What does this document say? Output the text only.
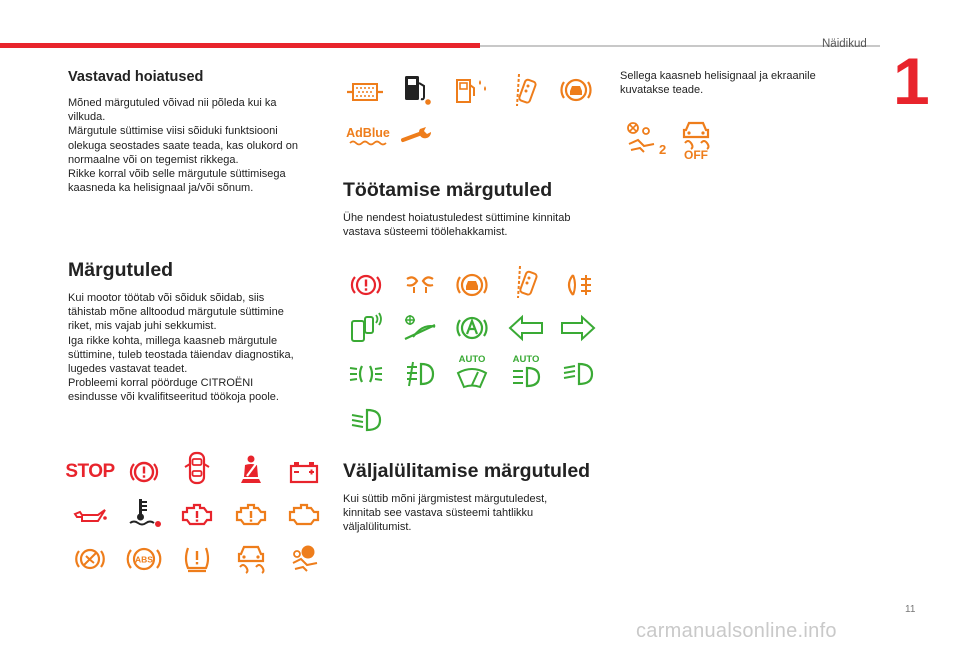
Näidikud 1
Vastavad hoiatused
Mõned märgutuled võivad nii põleda kui ka
vilkuda.
Märgutule süttimise viisi sõiduki funktsiooni
olekuga seostades saate teada, kas olukord on
normaalne või on tegemist rikkega.
Rikke korral võib selle märgutule süttimisega
kaasneda ka helisignaal ja/või sõnum.
Märgutuled
Kui mootor töötab või sõiduk sõidab, siis
tähistab mõne alltoodud märgutule süttimine
riket, mis vajab juhi sekkumist.
Iga rikke kohta, millega kaasneb märgutule
süttimine, tuleb teostada täiendav diagnostika,
lugedes vastavat teadet.
Probleemi korral pöörduge CITROËNI
esindusse või kvalifitseeritud töökoja poole.
STOP
ABS
AdBlue
Töötamise märgutuled
Ühe nendest hoiatustuledest süttimine kinnitab
vastava süsteemi töölehakkamist.
AUTO	AUTO
Väljalülitamise märgutuled
Kui süttib mõni järgmistest märgutuledest,
kinnitab see vastava süsteemi tahtlikku
väljalülitumist.
Sellega kaasneb helisignaal ja ekraanile
kuvatakse teade.
2 OFF
11
carmanualsonline.info
